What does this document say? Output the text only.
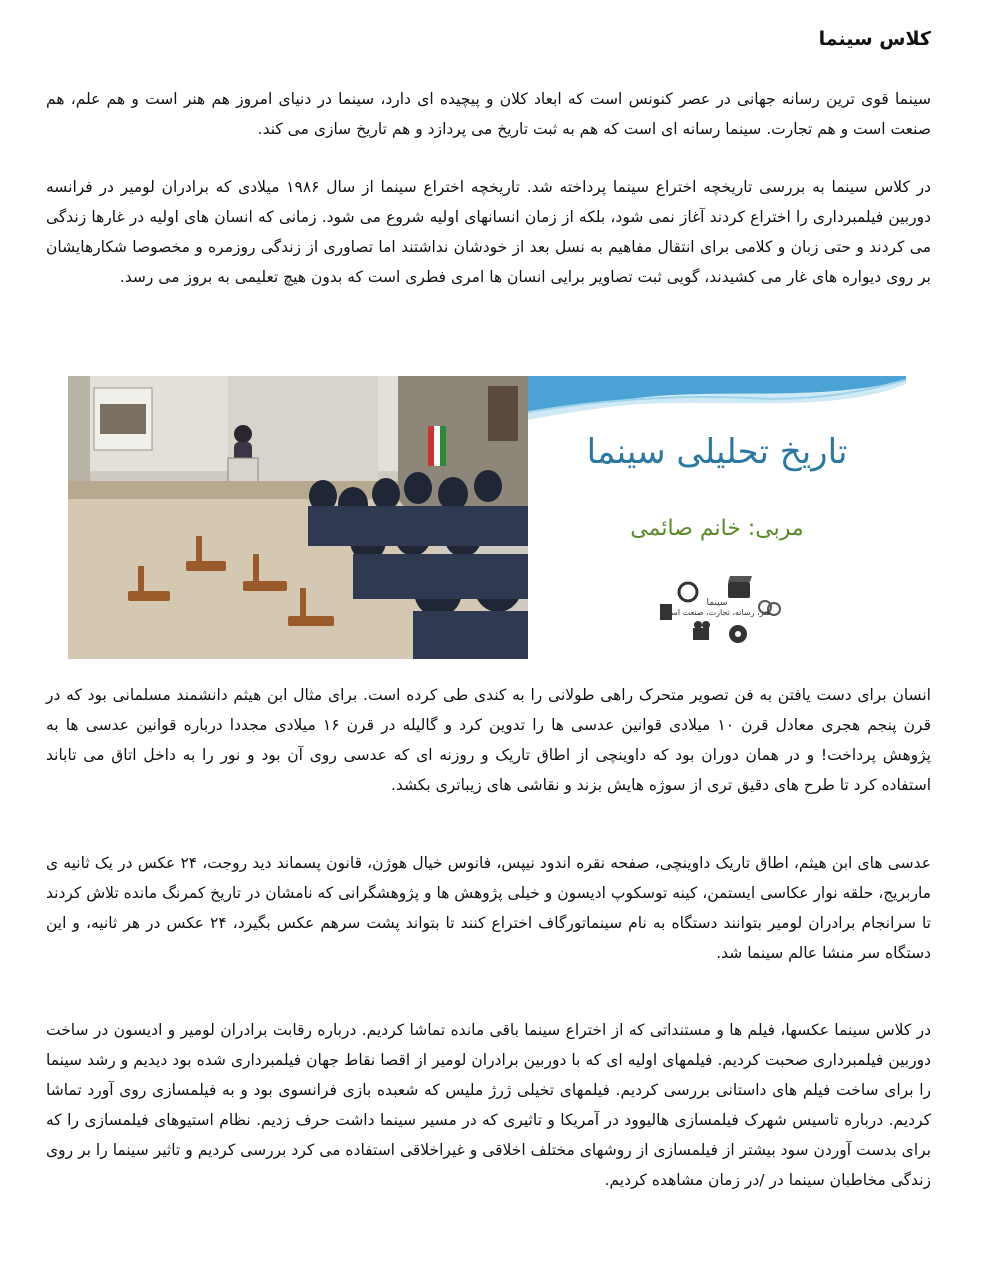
کلاس سینما

سینما قوی ترین رسانه جهانی در عصر کنونس است که ابعاد کلان و پیچیده ای دارد، سینما در دنیای امروز هم هنر است و هم علم، هم صنعت است و هم تجارت. سینما رسانه ای است که هم به ثبت تاریخ می پردازد و هم تاریخ سازی می کند.

در کلاس سینما به بررسی تاریخچه اختراع سینما پرداخته شد. تاریخچه اختراع سینما از سال ۱۹۸۶ میلادی که برادران لومیر در فرانسه دوربین فیلمبرداری را اختراع کردند آغاز نمی شود، بلکه از زمان انسانهای اولیه شروع می شود. زمانی که انسان های اولیه در غارها زندگی می کردند و حتی زبان و کلامی برای انتقال مفاهیم به نسل بعد از خودشان نداشتند اما تصاوری از زندگی روزمره و مخصوصا شکارهایشان بر روی دیواره های غار می کشیدند، گویی ثبت تصاویر برایی انسان ها امری فطری است که بدون هیچ تعلیمی به بروز می رسد.

تاریخ تحلیلی سینما
مربی: خانم صائمی
سینما
هنر، رسانه، تجارت، صنعت است

انسان برای دست یافتن به فن تصویر متحرک راهی طولانی را به کندی طی کرده است. برای مثال ابن هیثم دانشمند مسلمانی بود که در قرن پنجم هجری معادل قرن ۱۰ میلادی قوانین عدسی ها را تدوین کرد و گالیله در قرن ۱۶ میلادی مجددا درباره قوانین عدسی ها به پژوهش پرداخت! و در همان دوران بود که داوینچی از اطاق تاریک و روزنه ای که عدسی روی آن بود و نور را به داخل اتاق می تاباند استفاده کرد تا طرح های دقیق تری از سوژه هایش بزند و نقاشی های زیباتری بکشد.

عدسی های ابن هیثم، اطاق تاریک داوینچی، صفحه نقره اندود نیپس، فانوس خیال هوژن، قانون پسماند دید روجت، ۲۴ عکس در یک ثانیه ی ماربریج، حلقه نوار عکاسی ایستمن، کینه توسکوپ ادیسون و خیلی پژوهش ها و پژوهشگرانی که نامشان در تاریخ کمرنگ مانده تلاش کردند تا سرانجام برادران لومیر بتوانند دستگاه به نام سینماتورگاف اختراع کنند تا بتواند پشت سرهم عکس بگیرد، ۲۴ عکس در هر ثانیه، و این دستگاه سر منشا عالم سینما شد.

در کلاس سینما عکسها، فیلم ها و مستنداتی که از اختراع سینما باقی مانده تماشا کردیم. درباره رقابت برادران لومیر و ادیسون در ساخت دوربین فیلمبرداری صحبت کردیم. فیلمهای اولیه ای که با دوربین برادران لومیر از اقصا نقاط جهان فیلمبرداری شده بود دیدیم و رشد سینما را برای ساخت فیلم های داستانی بررسی کردیم. فیلمهای تخیلی ژرژ ملیس که شعبده بازی فرانسوی بود و به فیلمسازی روی آورد تماشا کردیم. درباره تاسیس شهرک فیلمسازی هالیوود در آمریکا و تاثیری که در مسیر سینما داشت حرف زدیم. نظام استیوهای فیلمسازی را که برای بدست آوردن سود بیشتر از فیلمسازی از روشهای مختلف اخلاقی و غیراخلاقی استفاده می کرد بررسی کردیم و تاثیر سینما را بر روی زندگی مخاطبان سینما در /در زمان مشاهده کردیم.
